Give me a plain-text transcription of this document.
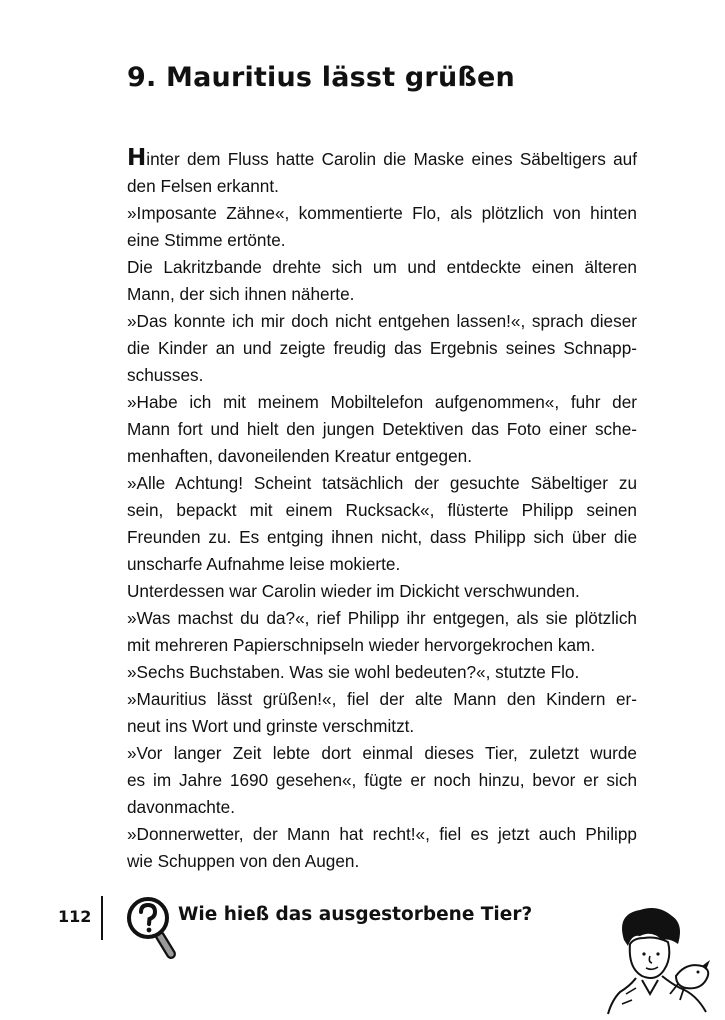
9. Mauritius lässt grüßen
Hinter dem Fluss hatte Carolin die Maske eines Säbeltigers auf
den Felsen erkannt.
»Imposante Zähne«, kommentierte Flo, als plötzlich von hinten
eine Stimme ertönte.
Die Lakritzbande drehte sich um und entdeckte einen älteren
Mann, der sich ihnen näherte.
»Das konnte ich mir doch nicht entgehen lassen!«, sprach dieser
die Kinder an und zeigte freudig das Ergebnis seines Schnapp-
schusses.
»Habe ich mit meinem Mobiltelefon aufgenommen«, fuhr der
Mann fort und hielt den jungen Detektiven das Foto einer sche-
menhaften, davoneilenden Kreatur entgegen.
»Alle Achtung! Scheint tatsächlich der gesuchte Säbeltiger zu
sein, bepackt mit einem Rucksack«, flüsterte Philipp seinen
Freunden zu. Es entging ihnen nicht, dass Philipp sich über die
unscharfe Aufnahme leise mokierte.
Unterdessen war Carolin wieder im Dickicht verschwunden.
»Was machst du da?«, rief Philipp ihr entgegen, als sie plötzlich
mit mehreren Papierschnipseln wieder hervorgekrochen kam.
»Sechs Buchstaben. Was sie wohl bedeuten?«, stutzte Flo.
»Mauritius lässt grüßen!«, fiel der alte Mann den Kindern er-
neut ins Wort und grinste verschmitzt.
»Vor langer Zeit lebte dort einmal dieses Tier, zuletzt wurde
es im Jahre 1690 gesehen«, fügte er noch hinzu, bevor er sich
davonmachte.
»Donnerwetter, der Mann hat recht!«, fiel es jetzt auch Philipp
wie Schuppen von den Augen.
112	Wie hieß das ausgestorbene Tier?
